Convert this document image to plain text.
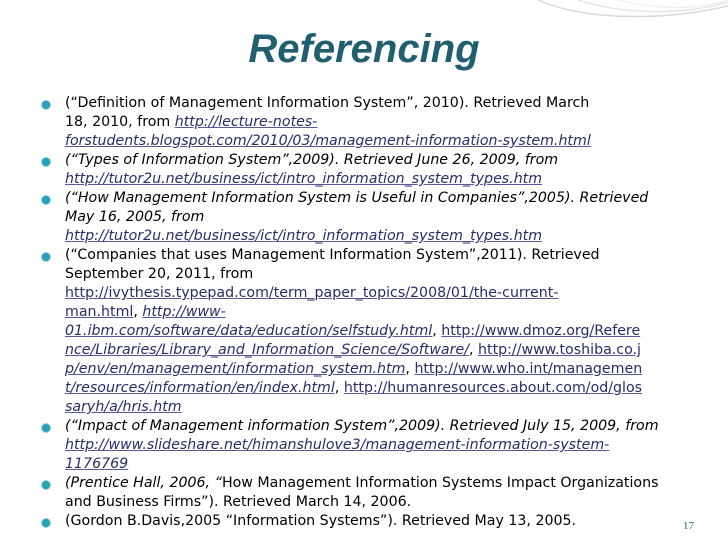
Referencing
(“Definition of Management Information System”, 2010). Retrieved March
18, 2010, from http://lecture-notes-
forstudents.blogspot.com/2010/03/management-information-system.html
(“Types of Information System”,2009). Retrieved June 26, 2009, from
http://tutor2u.net/business/ict/intro_information_system_types.htm
(“How Management Information System is Useful in Companies”,2005). Retrieved
May 16, 2005, from
http://tutor2u.net/business/ict/intro_information_system_types.htm
(“Companies that uses Management Information System”,2011). Retrieved
September 20, 2011, from
http://ivythesis.typepad.com/term_paper_topics/2008/01/the-current-
man.html, http://www-
01.ibm.com/software/data/education/selfstudy.html, http://www.dmoz.org/Refere
nce/Libraries/Library_and_Information_Science/Software/, http://www.toshiba.co.j
p/env/en/management/information_system.htm, http://www.who.int/managemen
t/resources/information/en/index.html, http://humanresources.about.com/od/glos
saryh/a/hris.htm
(“Impact of Management information System”,2009). Retrieved July 15, 2009, from
http://www.slideshare.net/himanshulove3/management-information-system-
1176769
(Prentice Hall, 2006, “How Management Information Systems Impact Organizations
and Business Firms”). Retrieved March 14, 2006.
(Gordon B.Davis,2005 “Information Systems”). Retrieved May 13, 2005.	17
